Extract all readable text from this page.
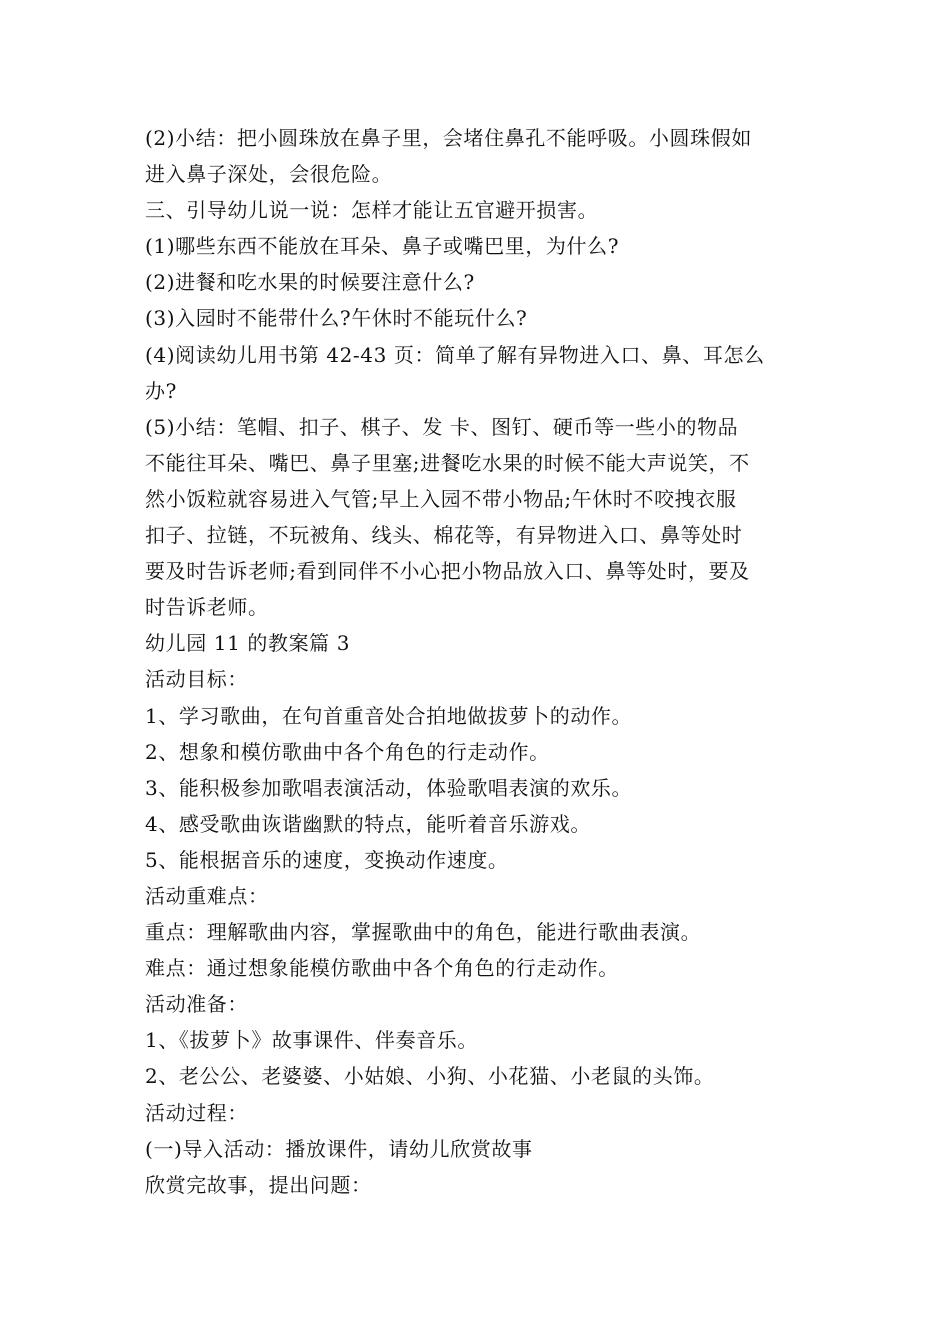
(2)小结：把小圆珠放在鼻子里，会堵住鼻孔不能呼吸。小圆珠假如
进入鼻子深处，会很危险。
三、引导幼儿说一说：怎样才能让五官避开损害。
(1)哪些东西不能放在耳朵、鼻子或嘴巴里，为什么?
(2)进餐和吃水果的时候要注意什么?
(3)入园时不能带什么?午休时不能玩什么?
(4)阅读幼儿用书第 42-43 页：简单了解有异物进入口、鼻、耳怎么
办?
(5)小结：笔帽、扣子、棋子、发 卡、图钉、硬币等一些小的物品
不能往耳朵、嘴巴、鼻子里塞;进餐吃水果的时候不能大声说笑，不
然小饭粒就容易进入气管;早上入园不带小物品;午休时不咬拽衣服
扣子、拉链，不玩被角、线头、棉花等，有异物进入口、鼻等处时
要及时告诉老师;看到同伴不小心把小物品放入口、鼻等处时，要及
时告诉老师。
幼儿园 11 的教案篇 3
活动目标：
1、学习歌曲，在句首重音处合拍地做拔萝卜的动作。
2、想象和模仿歌曲中各个角色的行走动作。
3、能积极参加歌唱表演活动，体验歌唱表演的欢乐。
4、感受歌曲诙谐幽默的特点，能听着音乐游戏。
5、能根据音乐的速度，变换动作速度。
活动重难点：
重点：理解歌曲内容，掌握歌曲中的角色，能进行歌曲表演。
难点：通过想象能模仿歌曲中各个角色的行走动作。
活动准备：
1、《拔萝卜》故事课件、伴奏音乐。
2、老公公、老婆婆、小姑娘、小狗、小花猫、小老鼠的头饰。
活动过程：
(一)导入活动：播放课件，请幼儿欣赏故事
欣赏完故事，提出问题：
